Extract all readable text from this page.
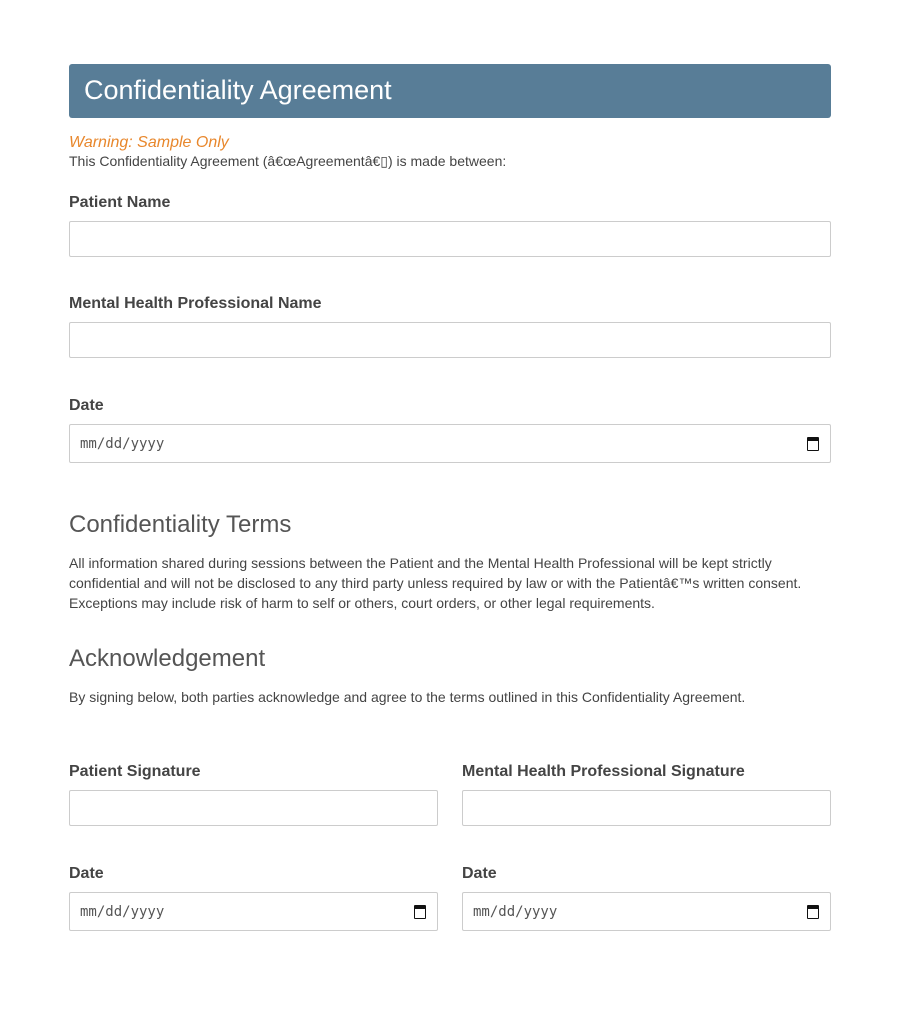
Confidentiality Agreement
Warning: Sample Only
This Confidentiality Agreement (â€œAgreementâ€▯) is made between:
Patient Name
Mental Health Professional Name
Date
mm/dd/yyyy
Confidentiality Terms

All information shared during sessions between the Patient and the Mental Health Professional will be kept strictly confidential and will not be disclosed to any third party unless required by law or with the Patientâ€™s written consent. Exceptions may include risk of harm to self or others, court orders, or other legal requirements.

Acknowledgement

By signing below, both parties acknowledge and agree to the terms outlined in this Confidentiality Agreement.

Patient Signature
Date
mm/dd/yyyy
Mental Health Professional Signature
Date
mm/dd/yyyy
